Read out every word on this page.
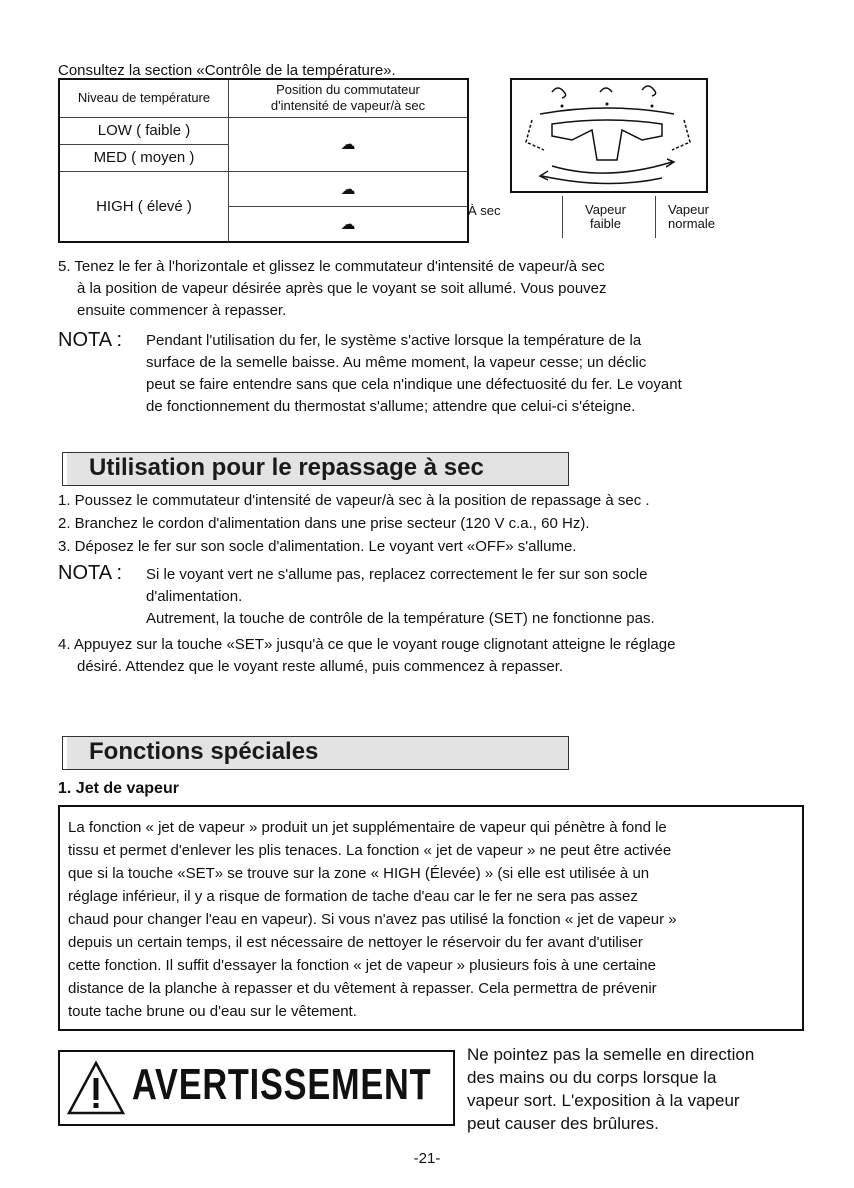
Consultez la section «Contrôle de la température».
Niveau de température	Position du commutateur
d'intensité de vapeur/à sec
LOW ( faible )	☁
MED ( moyen )	
HIGH ( élevé )	☁
	☁︎
À sec	Vapeur
faible
Vapeur
normale
5. Tenez le fer à l'horizontale et glissez le commutateur d'intensité de vapeur/à sec
à la position de vapeur désirée après que le voyant se soit allumé. Vous pouvez
ensuite commencer à repasser.
NOTA : Pendant l'utilisation du fer, le système s'active lorsque la température de la
surface de la semelle baisse. Au même moment, la vapeur cesse; un déclic
peut se faire entendre sans que cela n'indique une défectuosité du fer. Le voyant
de fonctionnement du thermostat s'allume; attendre que celui-ci s'éteigne.
Utilisation pour le repassage à sec
1. Poussez le commutateur d'intensité de vapeur/à sec à la position de repassage à sec .
2. Branchez le cordon d'alimentation dans une prise secteur (120 V c.a., 60 Hz).
3. Déposez le fer sur son socle d'alimentation. Le voyant vert «OFF» s'allume.
NOTA : Si le voyant vert ne s'allume pas, replacez correctement le fer sur son socle
d'alimentation.
Autrement, la touche de contrôle de la température (SET) ne fonctionne pas.
4. Appuyez sur la touche «SET» jusqu'à ce que le voyant rouge clignotant atteigne le réglage
désiré. Attendez que le voyant reste allumé, puis commencez à repasser.
Fonctions spéciales
1. Jet de vapeur
La fonction « jet de vapeur » produit un jet supplémentaire de vapeur qui pénètre à fond le
tissu et permet d'enlever les plis tenaces. La fonction « jet de vapeur » ne peut être activée
que si la touche «SET» se trouve sur la zone « HIGH (Élevée) » (si elle est utilisée à un
réglage inférieur, il y a risque de formation de tache d'eau car le fer ne sera pas assez
chaud pour changer l'eau en vapeur). Si vous n'avez pas utilisé la fonction « jet de vapeur »
depuis un certain temps, il est nécessaire de nettoyer le réservoir du fer avant d'utiliser
cette fonction. Il suffit d'essayer la fonction « jet de vapeur » plusieurs fois à une certaine
distance de la planche à repasser et du vêtement à repasser. Cela permettra de prévenir
toute tache brune ou d'eau sur le vêtement.
AVERTISSEMENT
Ne pointez pas la semelle en direction
des mains ou du corps lorsque la
vapeur sort. L'exposition à la vapeur
peut causer des brûlures.
-21-
